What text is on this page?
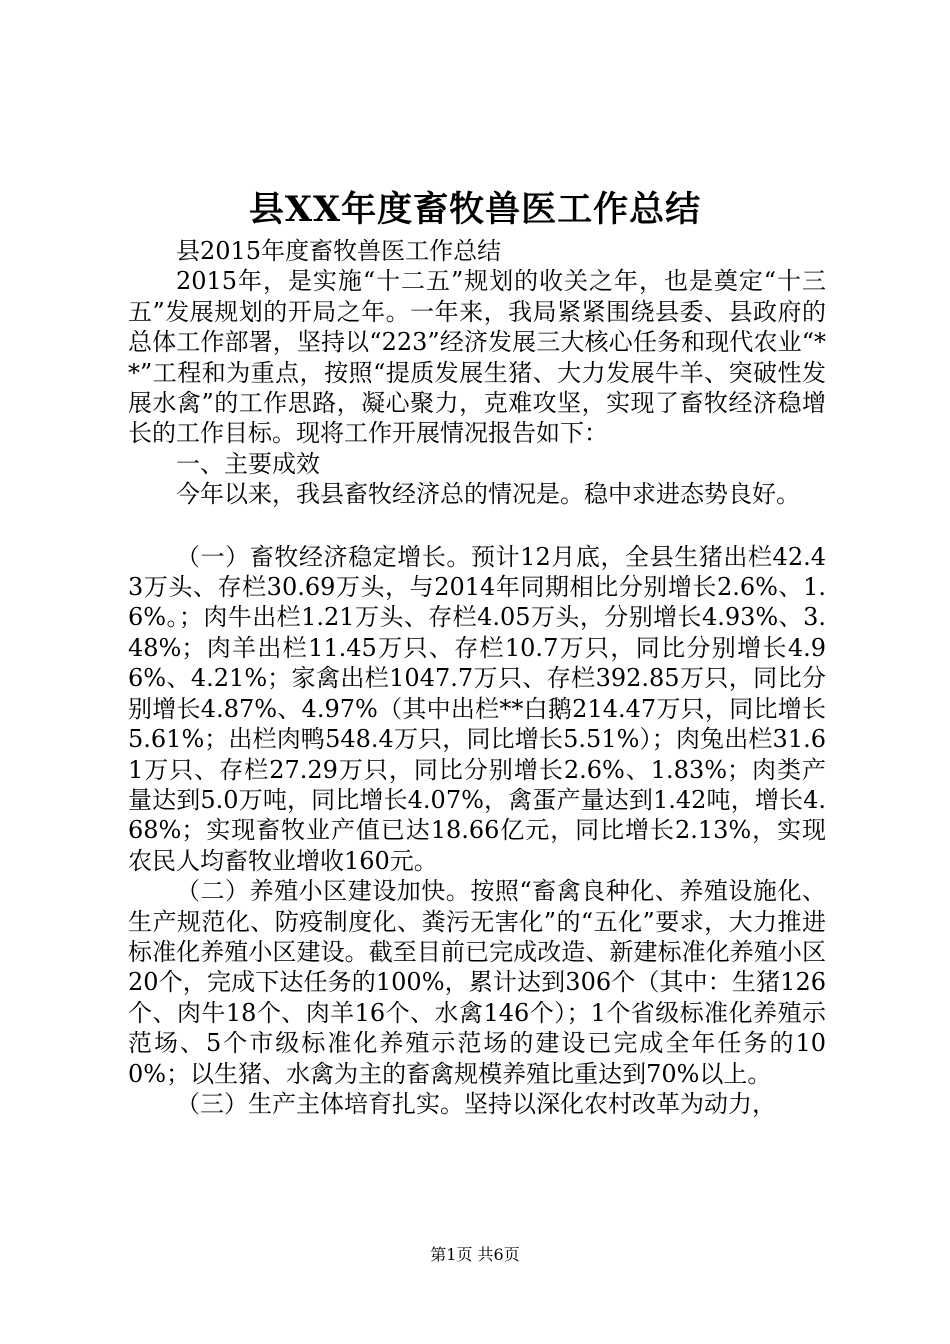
县XX年度畜牧兽医工作总结

县2015年度畜牧兽医工作总结

2015年，是实施“十二五”规划的收关之年，也是奠定“十三五”发展规划的开局之年。一年来，我局紧紧围绕县委、县政府的总体工作部署，坚持以“223”经济发展三大核心任务和现代农业“**”工程和为重点，按照“提质发展生猪、大力发展牛羊、突破性发展水禽”的工作思路，凝心聚力，克难攻坚，实现了畜牧经济稳增长的工作目标。现将工作开展情况报告如下：

一、主要成效

今年以来，我县畜牧经济总的情况是。稳中求进态势良好。

（一）畜牧经济稳定增长。预计12月底，全县生猪出栏42.43万头、存栏30.69万头，与2014年同期相比分别增长2.6%、1.6%。；肉牛出栏1.21万头、存栏4.05万头，分别增长4.93%、3.48%；肉羊出栏11.45万只、存栏10.7万只，同比分别增长4.96%、4.21%；家禽出栏1047.7万只、存栏392.85万只，同比分别增长4.87%、4.97%（其中出栏**白鹅214.47万只，同比增长5.61%；出栏肉鸭548.4万只，同比增长5.51%）；肉兔出栏31.61万只、存栏27.29万只，同比分别增长2.6%、1.83%；肉类产量达到5.0万吨，同比增长4.07%，禽蛋产量达到1.42吨，增长4.68%；实现畜牧业产值已达18.66亿元，同比增长2.13%，实现农民人均畜牧业增收160元。

（二）养殖小区建设加快。按照“畜禽良种化、养殖设施化、生产规范化、防疫制度化、粪污无害化”的“五化”要求，大力推进标准化养殖小区建设。截至目前已完成改造、新建标准化养殖小区20个，完成下达任务的100%，累计达到306个（其中：生猪126个、肉牛18个、肉羊16个、水禽146个）；1个省级标准化养殖示范场、5个市级标准化养殖示范场的建设已完成全年任务的100%；以生猪、水禽为主的畜禽规模养殖比重达到70%以上。

（三）生产主体培育扎实。坚持以深化农村改革为动力，

第1页 共6页
